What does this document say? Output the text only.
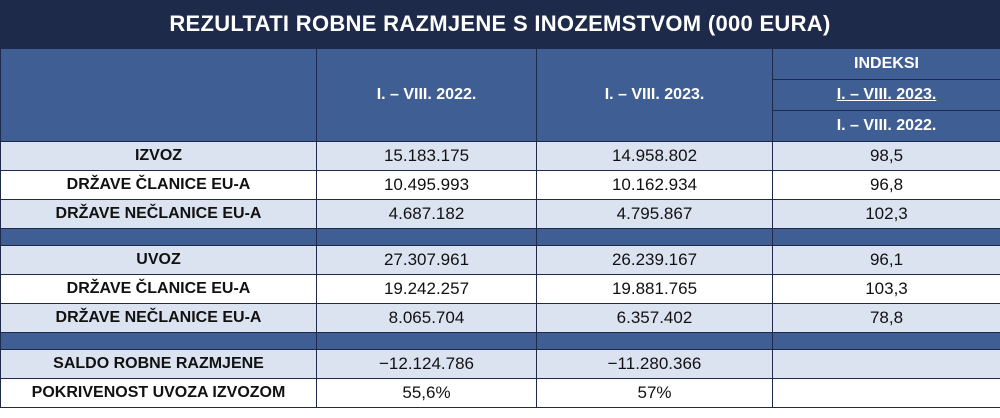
REZULTATI ROBNE RAZMJENE S INOZEMSTVOM (000 EURA)
	I. – VIII. 2022.	I. – VIII. 2023.	INDEKSI
			I. – VIII. 2023.
			I. – VIII. 2022.
IZVOZ	15.183.175	14.958.802	98,5
DRŽAVE ČLANICE EU-A	10.495.993	10.162.934	96,8
DRŽAVE NEČLANICE EU-A	4.687.182	4.795.867	102,3

UVOZ	27.307.961	26.239.167	96,1
DRŽAVE ČLANICE EU-A	19.242.257	19.881.765	103,3
DRŽAVE NEČLANICE EU-A	8.065.704	6.357.402	78,8

SALDO ROBNE RAZMJENE	−12.124.786	−11.280.366	
POKRIVENOST UVOZA IZVOZOM	55,6%	57%	
